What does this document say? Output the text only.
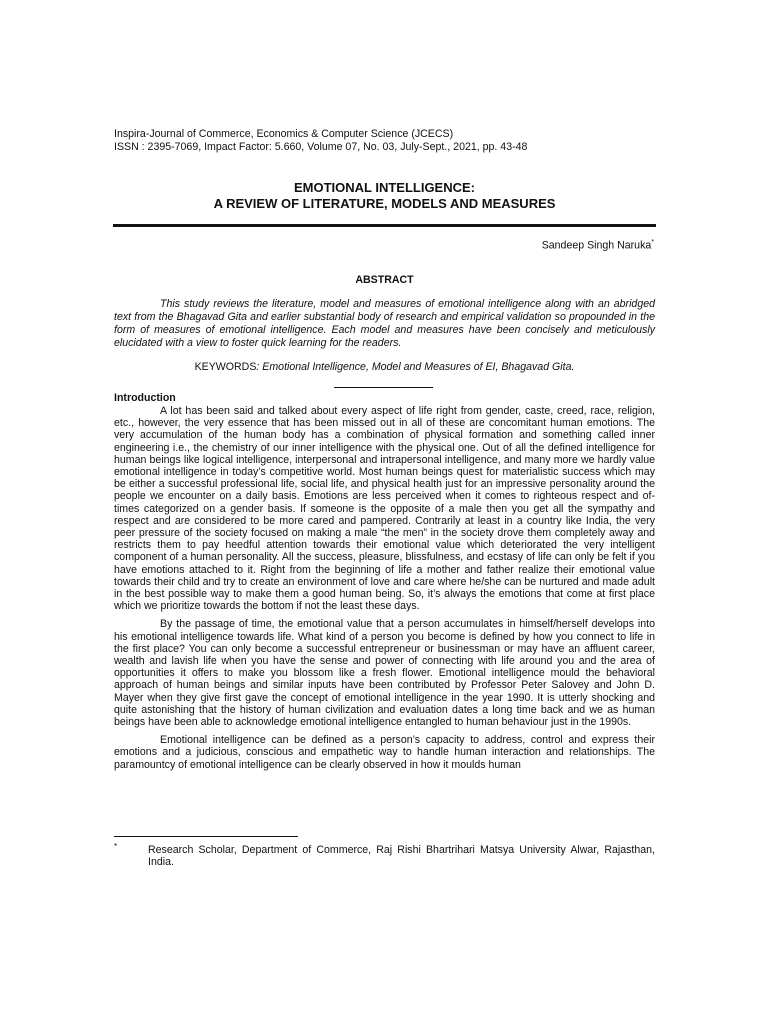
Inspira-Journal of Commerce, Economics & Computer Science (JCECS)
ISSN : 2395-7069, Impact Factor: 5.660, Volume 07, No. 03, July-Sept., 2021, pp. 43-48
EMOTIONAL INTELLIGENCE:
A REVIEW OF LITERATURE, MODELS AND MEASURES
Sandeep Singh Naruka*
ABSTRACT
This study reviews the literature, model and measures of emotional intelligence along with an abridged text from the Bhagavad Gita and earlier substantial body of research and empirical validation so propounded in the form of measures of emotional intelligence. Each model and measures have been concisely and meticulously elucidated with a view to foster quick learning for the readers.
KEYWORDS: Emotional Intelligence, Model and Measures of EI, Bhagavad Gita.
Introduction

A lot has been said and talked about every aspect of life right from gender, caste, creed, race, religion, etc., however, the very essence that has been missed out in all of these are concomitant human emotions. The very accumulation of the human body has a combination of physical formation and something called inner engineering i.e., the chemistry of our inner intelligence with the physical one. Out of all the defined intelligence for human beings like logical intelligence, interpersonal and intrapersonal intelligence, and many more we hardly value emotional intelligence in today’s competitive world. Most human beings quest for materialistic success which may be either a successful professional life, social life, and physical health just for an impressive personality around the people we encounter on a daily basis. Emotions are less perceived when it comes to righteous respect and of-times categorized on a gender basis. If someone is the opposite of a male then you get all the sympathy and respect and are considered to be more cared and pampered. Contrarily at least in a country like India, the very peer pressure of the society focused on making a male “the men” in the society drove them completely away and restricts them to pay heedful attention towards their emotional value which deteriorated the very intelligent component of a human personality. All the success, pleasure, blissfulness, and ecstasy of life can only be felt if you have emotions attached to it. Right from the beginning of life a mother and father realize their emotional value towards their child and try to create an environment of love and care where he/she can be nurtured and made adult in the best possible way to make them a good human being. So, it’s always the emotions that come at first place which we prioritize towards the bottom if not the least these days.

By the passage of time, the emotional value that a person accumulates in himself/herself develops into his emotional intelligence towards life. What kind of a person you become is defined by how you connect to life in the first place? You can only become a successful entrepreneur or businessman or may have an affluent career, wealth and lavish life when you have the sense and power of connecting with life around you and the area of opportunities it offers to make you blossom like a fresh flower. Emotional intelligence mould the behavioral approach of human beings and similar inputs have been contributed by Professor Peter Salovey and John D. Mayer when they give first gave the concept of emotional intelligence in the year 1990. It is utterly shocking and quite astonishing that the history of human civilization and evaluation dates a long time back and we as human beings have been able to acknowledge emotional intelligence entangled to human behaviour just in the 1990s.

Emotional intelligence can be defined as a person’s capacity to address, control and express their emotions and a judicious, conscious and empathetic way to handle human interaction and relationships. The paramountcy of emotional intelligence can be clearly observed in how it moulds human

*	Research Scholar, Department of Commerce, Raj Rishi Bhartrihari Matsya University Alwar, Rajasthan, India.
